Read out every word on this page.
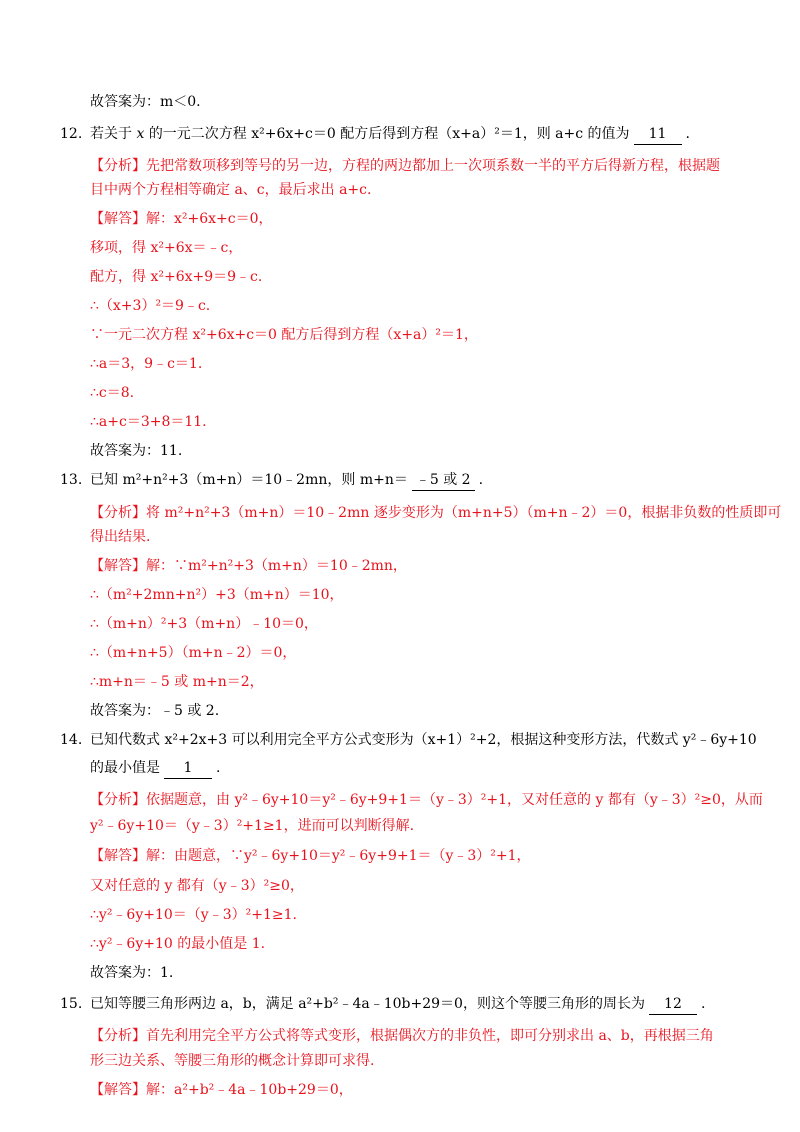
故答案为：m＜0.
12. 若关于 x 的一元二次方程 x²+6x+c＝0 配方后得到方程（x+a）²＝1，则 a+c 的值为 11 .
【分析】先把常数项移到等号的另一边，方程的两边都加上一次项系数一半的平方后得新方程，根据题
目中两个方程相等确定 a、c，最后求出 a+c.
【解答】解：x²+6x+c＝0，
移项，得 x²+6x＝﹣c，
配方，得 x²+6x+9＝9﹣c.
∴（x+3）²＝9﹣c.
∵一元二次方程 x²+6x+c＝0 配方后得到方程（x+a）²＝1，
∴a＝3，9﹣c＝1.
∴c＝8.
∴a+c＝3+8＝11.
故答案为：11.
13. 已知 m²+n²+3（m+n）＝10﹣2mn，则 m+n＝ ﹣5 或 2 .
【分析】将 m²+n²+3（m+n）＝10﹣2mn 逐步变形为（m+n+5）（m+n﹣2）＝0，根据非负数的性质即可
得出结果.
【解答】解：∵m²+n²+3（m+n）＝10﹣2mn，
∴（m²+2mn+n²）+3（m+n）＝10，
∴（m+n）²+3（m+n）﹣10＝0，
∴（m+n+5）（m+n﹣2）＝0，
∴m+n＝﹣5 或 m+n＝2，
故答案为：﹣5 或 2.
14. 已知代数式 x²+2x+3 可以利用完全平方公式变形为（x+1）²+2，根据这种变形方法，代数式 y²﹣6y+10
的最小值是 1 .
【分析】依据题意，由 y²﹣6y+10＝y²﹣6y+9+1＝（y﹣3）²+1，又对任意的 y 都有（y﹣3）²≥0，从而
y²﹣6y+10＝（y﹣3）²+1≥1，进而可以判断得解.
【解答】解：由题意，∵y²﹣6y+10＝y²﹣6y+9+1＝（y﹣3）²+1，
又对任意的 y 都有（y﹣3）²≥0，
∴y²﹣6y+10＝（y﹣3）²+1≥1.
∴y²﹣6y+10 的最小值是 1.
故答案为：1.
15. 已知等腰三角形两边 a，b，满足 a²+b²﹣4a﹣10b+29＝0，则这个等腰三角形的周长为 12 .
【分析】首先利用完全平方公式将等式变形，根据偶次方的非负性，即可分别求出 a、b，再根据三角
形三边关系、等腰三角形的概念计算即可求得.
【解答】解：a²+b²﹣4a﹣10b+29＝0，
